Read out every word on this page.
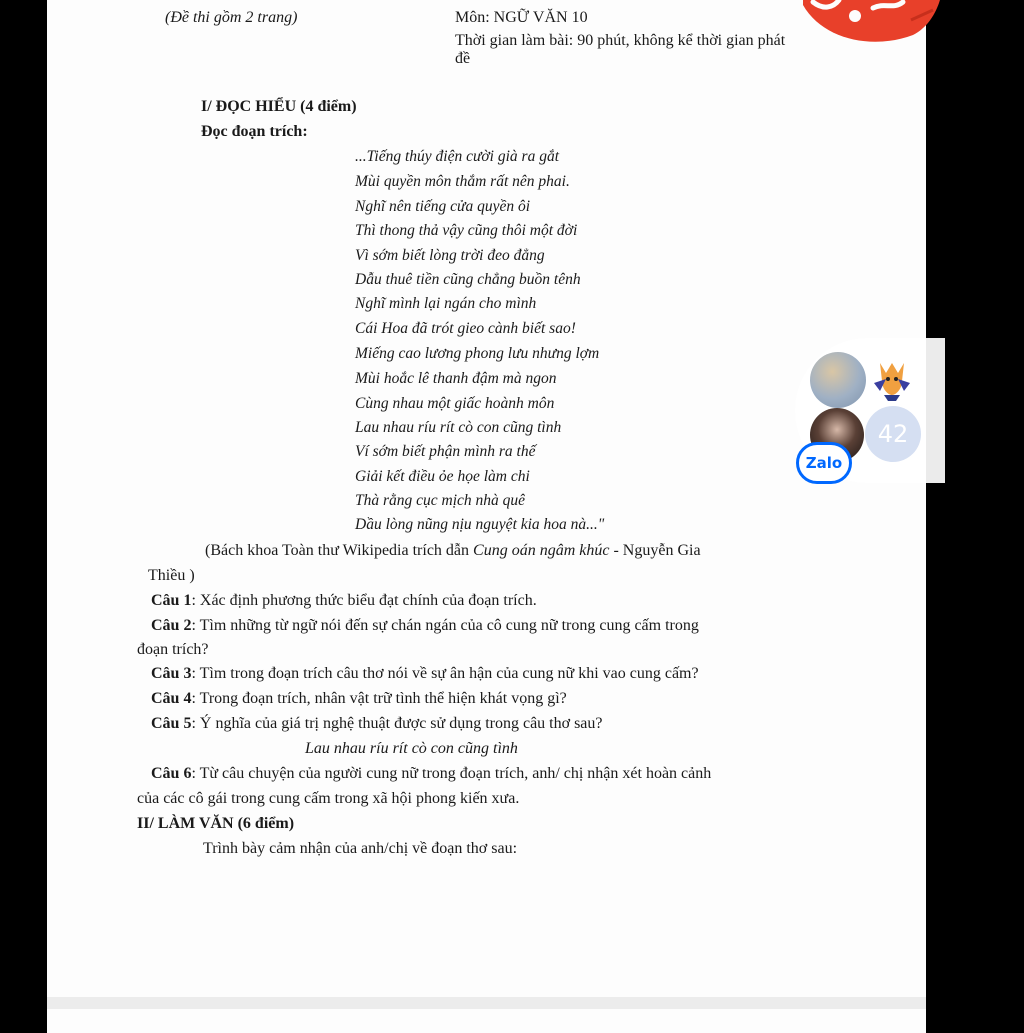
(Đề thi gồm 2 trang)	Môn: NGỮ VĂN 10
Thời gian làm bài: 90 phút, không kể thời gian phát
đề
I/ ĐỌC HIỂU (4 điểm)
Đọc đoạn trích:
...Tiếng thúy điện cười già ra gắt
Mùi quyền môn thắm rất nên phai.
Nghĩ nên tiếng cửa quyền ôi
Thì thong thả vậy cũng thôi một đời
Vì sớm biết lòng trời đeo đẳng
Dẫu thuê tiền cũng chẳng buồn tênh
Nghĩ mình lại ngán cho mình
Cái Hoa đã trót gieo cành biết sao!
Miếng cao lương phong lưu nhưng lợm
Mùi hoắc lê thanh đậm mà ngon
Cùng nhau một giấc hoành môn
Lau nhau ríu rít cò con cũng tình
Ví sớm biết phận mình ra thế
Giải kết điều ỏe họe làm chi
Thà rằng cục mịch nhà quê
Dầu lòng nũng nịu nguyệt kia hoa nà..."
(Bách khoa Toàn thư Wikipedia trích dẫn Cung oán ngâm khúc - Nguyễn Gia
Thiều )
Câu 1: Xác định phương thức biểu đạt chính của đoạn trích.
Câu 2: Tìm những từ ngữ nói đến sự chán ngán của cô cung nữ trong cung cấm trong
đoạn trích?
Câu 3: Tìm trong đoạn trích câu thơ nói về sự ân hận của cung nữ khi vao cung cấm?
Câu 4: Trong đoạn trích, nhân vật trữ tình thể hiện khát vọng gì?
Câu 5: Ý nghĩa của giá trị nghệ thuật được sử dụng trong câu thơ sau?
Lau nhau ríu rít cò con cũng tình
Câu 6: Từ câu chuyện của người cung nữ trong đoạn trích, anh/ chị nhận xét hoàn cảnh
của các cô gái trong cung cấm trong xã hội phong kiến xưa.
II/ LÀM VĂN (6 điểm)
Trình bày cảm nhận của anh/chị về đoạn thơ sau:
42
Zalo
